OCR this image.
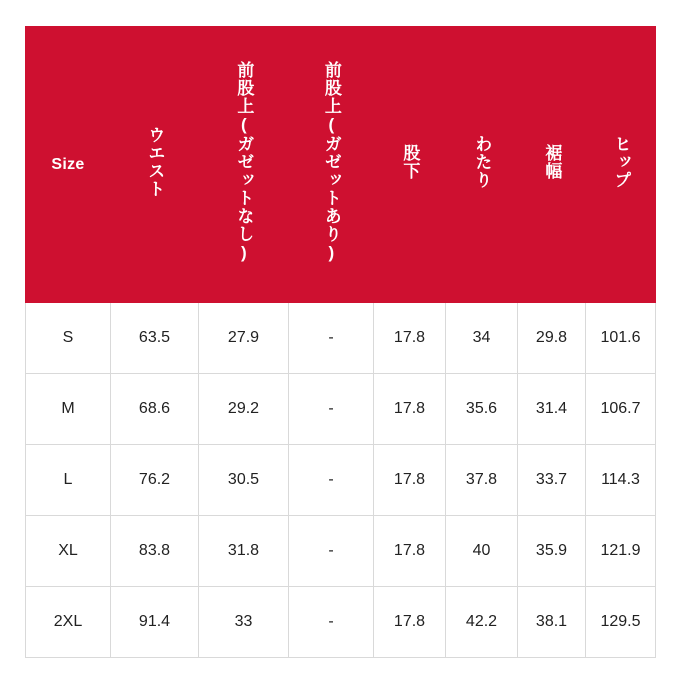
Size	ウエスト	前股上(ガゼットなし)	前股上(ガゼットあり)	股下	わたり	裾幅	ヒップ
S	63.5	27.9	-	17.8	34	29.8	101.6
M	68.6	29.2	-	17.8	35.6	31.4	106.7
L	76.2	30.5	-	17.8	37.8	33.7	114.3
XL	83.8	31.8	-	17.8	40	35.9	121.9
2XL	91.4	33	-	17.8	42.2	38.1	129.5
